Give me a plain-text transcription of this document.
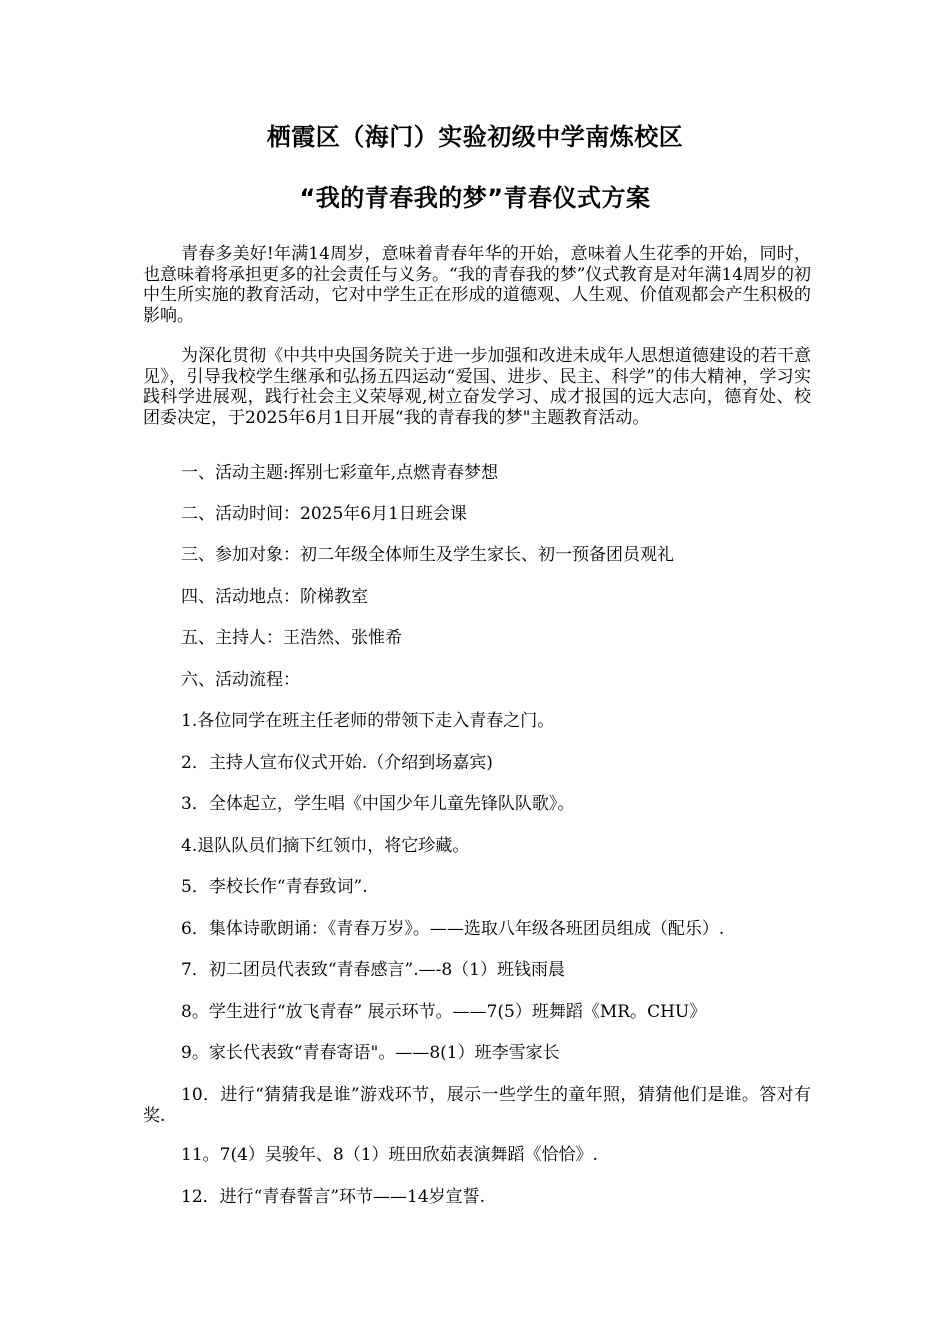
栖霞区（海门）实验初级中学南炼校区
“我的青春我的梦”青春仪式方案

青春多美好!年满14周岁，意味着青春年华的开始，意味着人生花季的开始，同时，也意味着将承担更多的社会责任与义务。“我的青春我的梦”仪式教育是对年满14周岁的初中生所实施的教育活动，它对中学生正在形成的道德观、人生观、价值观都会产生积极的影响。

为深化贯彻《中共中央国务院关于进一步加强和改进未成年人思想道德建设的若干意见》，引导我校学生继承和弘扬五四运动“爱国、进步、民主、科学”的伟大精神，学习实践科学进展观，践行社会主义荣辱观,树立奋发学习、成才报国的远大志向，德育处、校团委决定，于2025年6月1日开展“我的青春我的梦"主题教育活动。

一、活动主题:挥别七彩童年,点燃青春梦想
二、活动时间：2025年6月1日班会课
三、参加对象：初二年级全体师生及学生家长、初一预备团员观礼
四、活动地点：阶梯教室
五、主持人：王浩然、张惟希
六、活动流程：
1.各位同学在班主任老师的带领下走入青春之门。
2．主持人宣布仪式开始.（介绍到场嘉宾)
3．全体起立，学生唱《中国少年儿童先锋队队歌》。
4.退队队员们摘下红领巾，将它珍藏。
5．李校长作“青春致词”.
6．集体诗歌朗诵：《青春万岁》。——选取八年级各班团员组成（配乐）.
7．初二团员代表致“青春感言”.—-8（1）班钱雨晨
8。学生进行“放飞青春” 展示环节。——7(5）班舞蹈《MR。CHU》
9。家长代表致“青春寄语"。——8(1）班李雪家长
10．进行“猜猜我是谁”游戏环节，展示一些学生的童年照，猜猜他们是谁。答对有奖.
11。7(4）吴骏年、8（1）班田欣茹表演舞蹈《恰恰》.
12．进行“青春誓言”环节——14岁宣誓.
